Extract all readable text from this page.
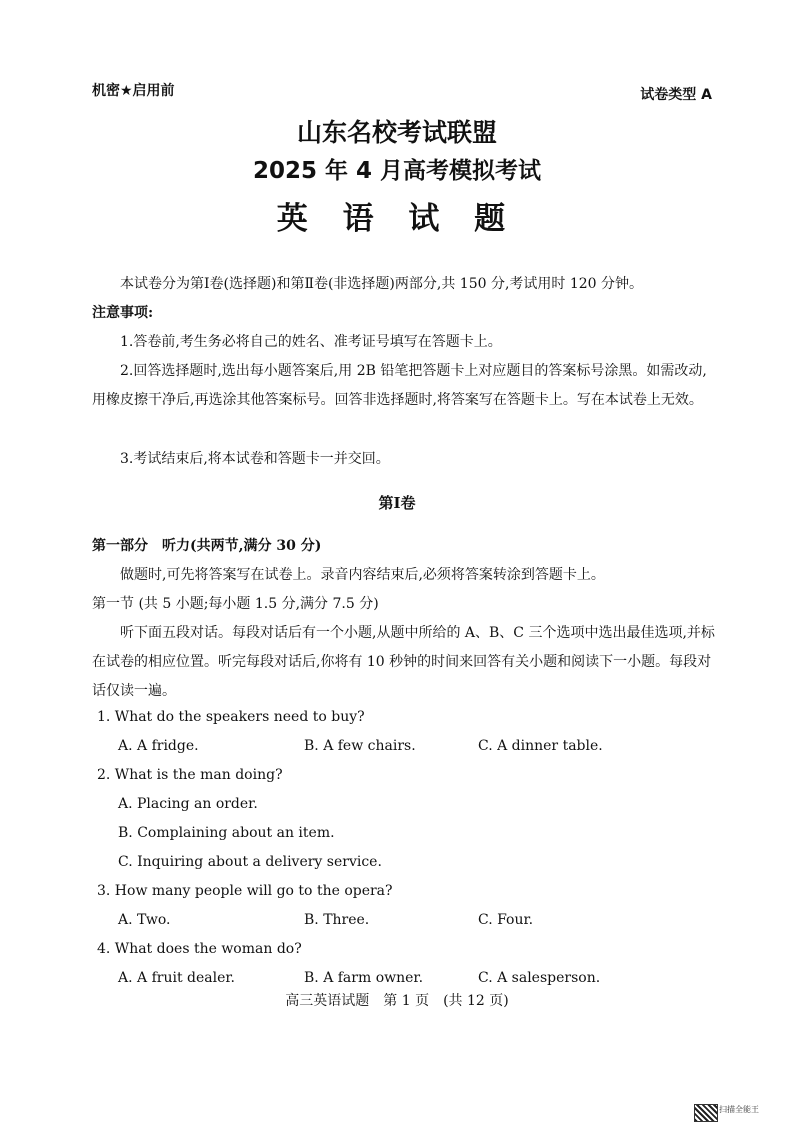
机密★启用前	试卷类型 A
山东名校考试联盟
2025 年 4 月高考模拟考试
英 语 试 题
本试卷分为第Ⅰ卷(选择题)和第Ⅱ卷(非选择题)两部分,共 150 分,考试用时 120 分钟。
注意事项:
1.答卷前,考生务必将自己的姓名、准考证号填写在答题卡上。
2.回答选择题时,选出每小题答案后,用 2B 铅笔把答题卡上对应题目的答案标号涂黑。如需改动,用橡皮擦干净后,再选涂其他答案标号。回答非选择题时,将答案写在答题卡上。写在本试卷上无效。
3.考试结束后,将本试卷和答题卡一并交回。
第Ⅰ卷
第一部分　听力(共两节,满分 30 分)
做题时,可先将答案写在试卷上。录音内容结束后,必须将答案转涂到答题卡上。
第一节 (共 5 小题;每小题 1.5 分,满分 7.5 分)
听下面五段对话。每段对话后有一个小题,从题中所给的 A、B、C 三个选项中选出最佳选项,并标在试卷的相应位置。听完每段对话后,你将有 10 秒钟的时间来回答有关小题和阅读下一小题。每段对话仅读一遍。
1. What do the speakers need to buy?
A. A fridge.	B. A few chairs.	C. A dinner table.
2. What is the man doing?
A. Placing an order.
B. Complaining about an item.
C. Inquiring about a delivery service.
3. How many people will go to the opera?
A. Two.	B. Three.	C. Four.
4. What does the woman do?
A. A fruit dealer.	B. A farm owner.	C. A salesperson.
高三英语试题　第 1 页　(共 12 页)
扫描全能王
